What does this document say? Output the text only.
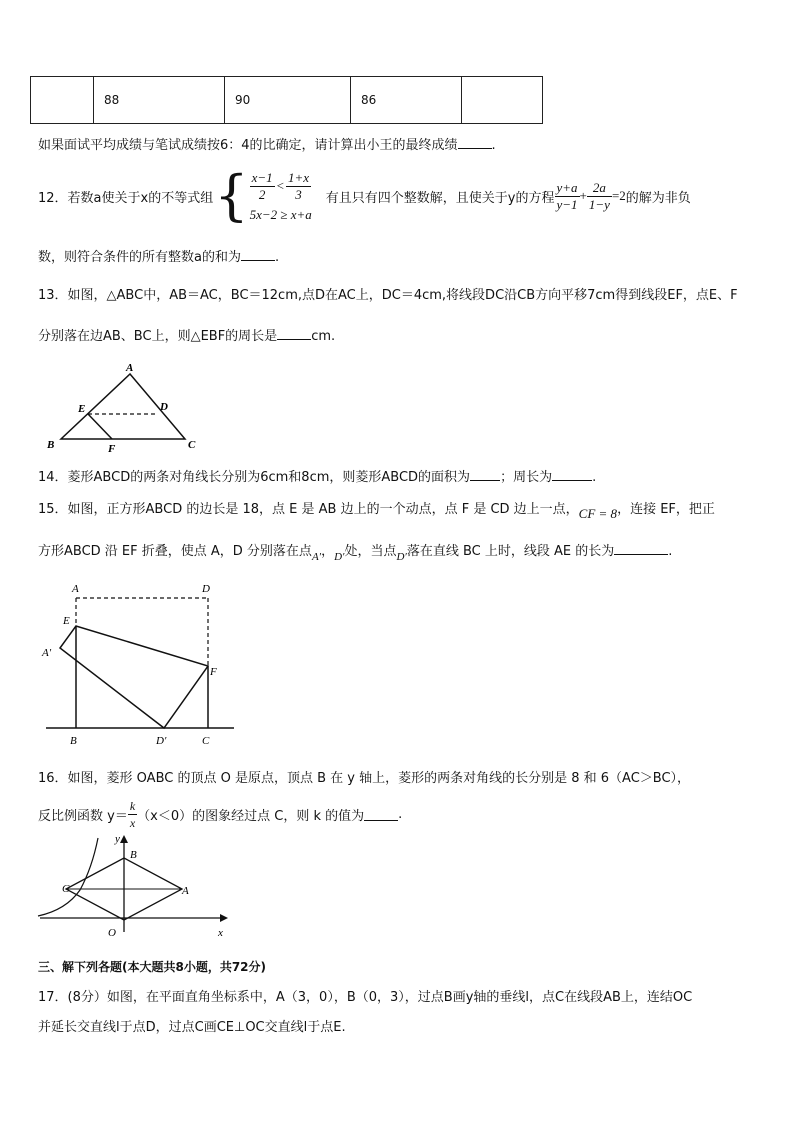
	88	90	86	
如果面试平均成绩与笔试成绩按6：4的比确定，请计算出小王的最终成绩	.
12．若数a使关于x的不等式组 { $\frac{x-1}{2} < \frac{1+x}{3}$
5x−2 ≥ x+a
有且只有四个整数解，且使关于y的方程 $\frac{y+a}{y-1} + \frac{2a}{1-y} =2$ 的解为非负
数，则符合条件的所有整数a的和为	.
13．如图，△ABC中，AB＝AC，BC＝12cm,点D在AC上，DC＝4cm,将线段DC沿CB方向平移7cm得到线段EF，点E、F
分别落在边AB、BC上，则△EBF的周长是	cm.
A
B	C
D
E
F
14．菱形ABCD的两条对角线长分别为6cm和8cm，则菱形ABCD的面积为 ；周长为	.
15．如图，正方形ABCD 的边长是 18，点 E 是 AB 边上的一个动点，点 F 是 CD 边上一点，CF = 8，连接 EF，把正
方形ABCD 沿 EF 折叠，使点 A，D 分别落在点$_{A'}$，$_{D'}$处，当点$_{D'}$落在直线 BC 上时，线段 AE 的长为	.
A	D
E
A′
F
B	D′	C
16．如图，菱形 OABC 的顶点 O 是原点，顶点 B 在 y 轴上，菱形的两条对角线的长分别是 8 和 6（AC＞BC），
反比例函数 $y= \frac{k}{x} (x<0)$的图象经过点 C，则 k 的值为	.
y
B
C	A
O	x
三、解下列各题(本大题共8小题，共72分)
17．(8分）如图，在平面直角坐标系中，A（3，0），B（0，3），过点B画y轴的垂线l，点C在线段AB上，连结OC
并延长交直线l于点D，过点C画CE⊥OC交直线l于点E.
